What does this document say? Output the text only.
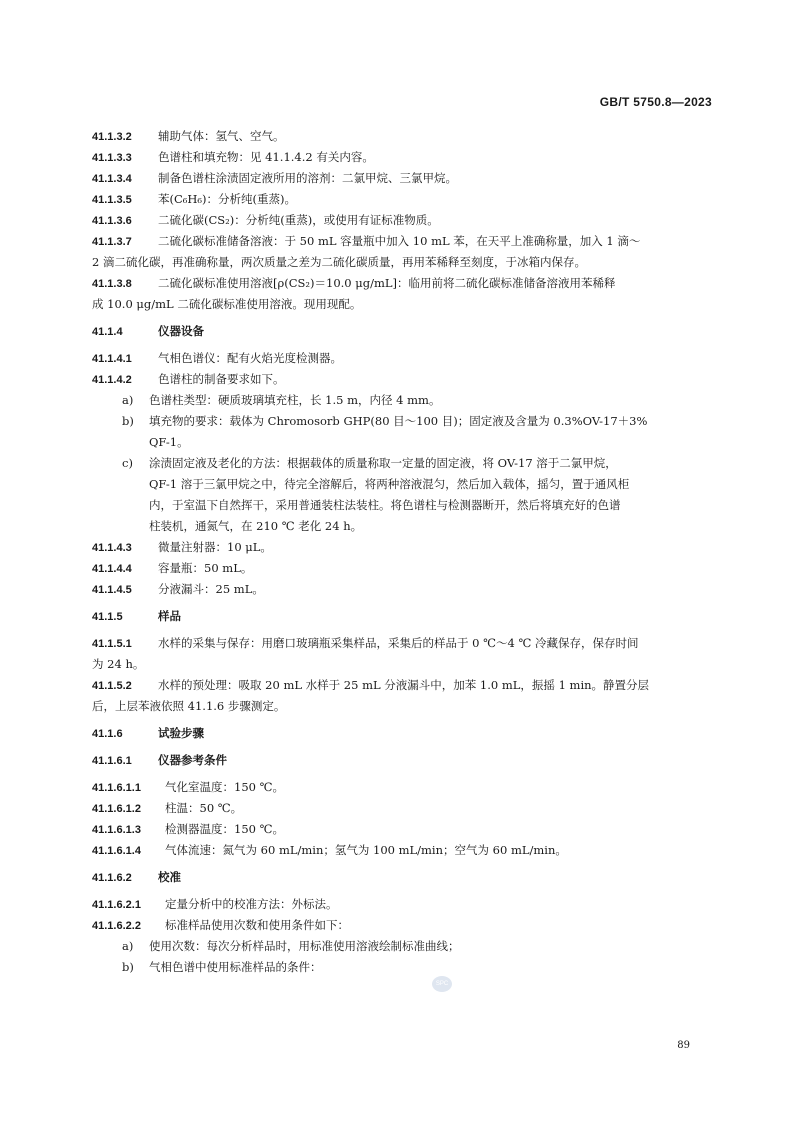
GB/T 5750.8—2023
41.1.3.2 辅助气体：氢气、空气。
41.1.3.3 色谱柱和填充物：见 41.1.4.2 有关内容。
41.1.3.4 制备色谱柱涂渍固定液所用的溶剂：二氯甲烷、三氯甲烷。
41.1.3.5 苯(C₆H₆)：分析纯(重蒸)。
41.1.3.6 二硫化碳(CS₂)：分析纯(重蒸)，或使用有证标准物质。
41.1.3.7 二硫化碳标准储备溶液：于 50 mL 容量瓶中加入 10 mL 苯，在天平上准确称量，加入 1 滴～
2 滴二硫化碳，再准确称量，两次质量之差为二硫化碳质量，再用苯稀释至刻度，于冰箱内保存。
41.1.3.8 二硫化碳标准使用溶液[ρ(CS₂)＝10.0 μg/mL]：临用前将二硫化碳标准储备溶液用苯稀释
成 10.0 μg/mL 二硫化碳标准使用溶液。现用现配。
41.1.4	仪器设备
41.1.4.1 气相色谱仪：配有火焰光度检测器。
41.1.4.2 色谱柱的制备要求如下。
a) 色谱柱类型：硬质玻璃填充柱，长 1.5 m，内径 4 mm。
b) 填充物的要求：载体为 Chromosorb GHP(80 目～100 目)；固定液及含量为 0.3%OV-17＋3%
QF-1。
c) 涂渍固定液及老化的方法：根据载体的质量称取一定量的固定液，将 OV-17 溶于二氯甲烷，
QF-1 溶于三氯甲烷之中，待完全溶解后，将两种溶液混匀，然后加入载体，摇匀，置于通风柜
内，于室温下自然挥干，采用普通装柱法装柱。将色谱柱与检测器断开，然后将填充好的色谱
柱装机，通氮气，在 210 ℃ 老化 24 h。
41.1.4.3 微量注射器：10 μL。
41.1.4.4 容量瓶：50 mL。
41.1.4.5 分液漏斗：25 mL。
41.1.5	样品
41.1.5.1 水样的采集与保存：用磨口玻璃瓶采集样品，采集后的样品于 0 ℃～4 ℃ 冷藏保存，保存时间
为 24 h。
41.1.5.2 水样的预处理：吸取 20 mL 水样于 25 mL 分液漏斗中，加苯 1.0 mL，振摇 1 min。静置分层
后，上层苯液依照 41.1.6 步骤测定。
41.1.6	试验步骤
41.1.6.1 仪器参考条件
41.1.6.1.1 气化室温度：150 ℃。
41.1.6.1.2 柱温：50 ℃。
41.1.6.1.3 检测器温度：150 ℃。
41.1.6.1.4 气体流速：氮气为 60 mL/min；氢气为 100 mL/min；空气为 60 mL/min。
41.1.6.2 校准
41.1.6.2.1 定量分析中的校准方法：外标法。
41.1.6.2.2 标准样品使用次数和使用条件如下：
a) 使用次数：每次分析样品时，用标准使用溶液绘制标准曲线；
b) 气相色谱中使用标准样品的条件：
SPC
89
